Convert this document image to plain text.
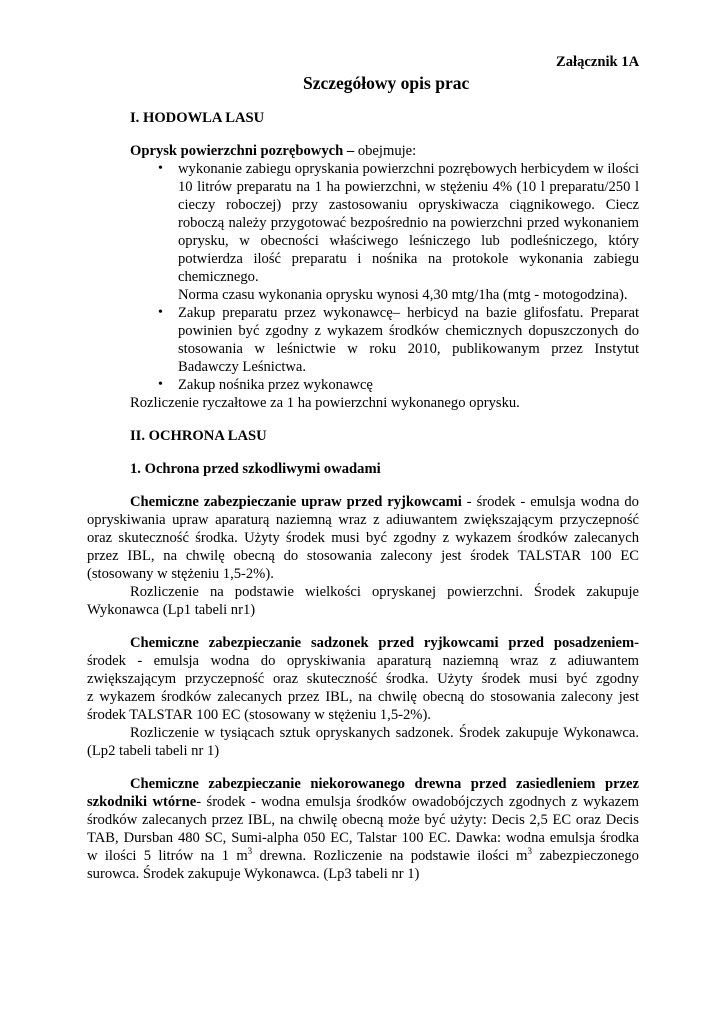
Załącznik 1A
Szczegółowy opis prac
I. HODOWLA LASU
Oprysk powierzchni pozrębowych – obejmuje:
• wykonanie zabiegu opryskania powierzchni pozrębowych herbicydem w ilości
10 litrów preparatu na 1 ha powierzchni, w stężeniu 4% (10 l preparatu/250 l
cieczy roboczej) przy zastosowaniu opryskiwacza ciągnikowego. Ciecz
roboczą należy przygotować bezpośrednio na powierzchni przed wykonaniem
oprysku, w obecności właściwego leśniczego lub podleśniczego, który
potwierdza ilość preparatu i nośnika na protokole wykonania zabiegu
chemicznego.
Norma czasu wykonania oprysku wynosi 4,30 mtg/1ha (mtg - motogodzina).
• Zakup preparatu przez wykonawcę– herbicyd na bazie glifosfatu. Preparat
powinien być zgodny z wykazem środków chemicznych dopuszczonych do
stosowania w leśnictwie w roku 2010, publikowanym przez Instytut
Badawczy Leśnictwa.
• Zakup nośnika przez wykonawcę
Rozliczenie ryczałtowe za 1 ha powierzchni wykonanego oprysku.
II. OCHRONA LASU
1. Ochrona przed szkodliwymi owadami
Chemiczne zabezpieczanie upraw przed ryjkowcami - środek - emulsja wodna do
opryskiwania upraw aparaturą naziemną wraz z adiuwantem zwiększającym przyczepność
oraz skuteczność środka. Użyty środek musi być zgodny z wykazem środków zalecanych
przez IBL, na chwilę obecną do stosowania zalecony jest środek TALSTAR 100 EC
(stosowany w stężeniu 1,5-2%).
Rozliczenie na podstawie wielkości opryskanej powierzchni. Środek zakupuje
Wykonawca (Lp1 tabeli nr1)
Chemiczne zabezpieczanie sadzonek przed ryjkowcami przed posadzeniem-
środek - emulsja wodna do opryskiwania aparaturą naziemną wraz z adiuwantem
zwiększającym przyczepność oraz skuteczność środka. Użyty środek musi być zgodny
z wykazem środków zalecanych przez IBL, na chwilę obecną do stosowania zalecony jest
środek TALSTAR 100 EC (stosowany w stężeniu 1,5-2%).
Rozliczenie w tysiącach sztuk opryskanych sadzonek. Środek zakupuje Wykonawca.
(Lp2 tabeli tabeli nr 1)
Chemiczne zabezpieczanie niekorowanego drewna przed zasiedleniem przez
szkodniki wtórne- środek - wodna emulsja środków owadobójczych zgodnych z wykazem
środków zalecanych przez IBL, na chwilę obecną może być użyty: Decis 2,5 EC oraz Decis
TAB, Dursban 480 SC, Sumi-alpha 050 EC, Talstar 100 EC. Dawka: wodna emulsja środka
w ilości 5 litrów na 1 $m^3$ drewna. Rozliczenie na podstawie ilości $m^3$ zabezpieczonego
surowca. Środek zakupuje Wykonawca. (Lp3 tabeli nr 1)
